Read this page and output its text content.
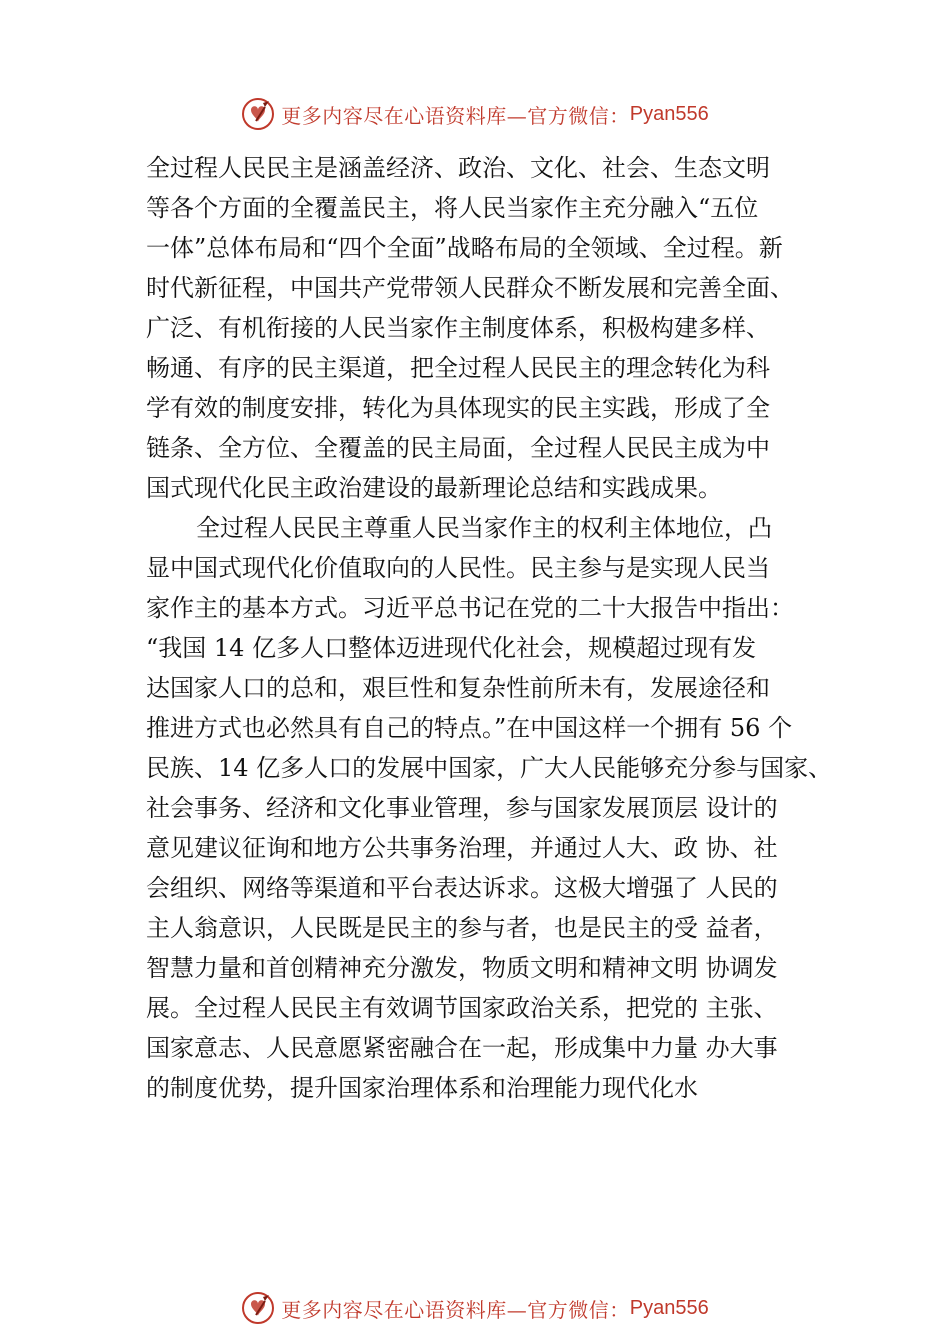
更多内容尽在心语资料库—官方微信： Pyan556
全过程人民民主是涵盖经济、政治、文化、社会、生态文明
等各个方面的全覆盖民主，将人民当家作主充分融入“五位
一体”总体布局和“四个全面”战略布局的全领域、全过程。新
时代新征程，中国共产党带领人民群众不断发展和完善全面、
广泛、有机衔接的人民当家作主制度体系，积极构建多样、
畅通、有序的民主渠道，把全过程人民民主的理念转化为科
学有效的制度安排，转化为具体现实的民主实践，形成了全
链条、全方位、全覆盖的民主局面，全过程人民民主成为中
国式现代化民主政治建设的最新理论总结和实践成果。
全过程人民民主尊重人民当家作主的权利主体地位，凸
显中国式现代化价值取向的人民性。民主参与是实现人民当
家作主的基本方式。习近平总书记在党的二十大报告中指出：
“我国 14 亿多人口整体迈进现代化社会，规模超过现有发
达国家人口的总和，艰巨性和复杂性前所未有，发展途径和
推进方式也必然具有自己的特点。”在中国这样一个拥有 56 个
民族、14 亿多人口的发展中国家，广大人民能够充分参与国家、
社会事务、经济和文化事业管理，参与国家发展顶层 设计的
意见建议征询和地方公共事务治理，并通过人大、政 协、社
会组织、网络等渠道和平台表达诉求。这极大增强了 人民的
主人翁意识，人民既是民主的参与者，也是民主的受 益者，
智慧力量和首创精神充分激发，物质文明和精神文明 协调发
展。全过程人民民主有效调节国家政治关系，把党的 主张、
国家意志、人民意愿紧密融合在一起，形成集中力量 办大事
的制度优势，提升国家治理体系和治理能力现代化水
更多内容尽在心语资料库—官方微信： Pyan556
